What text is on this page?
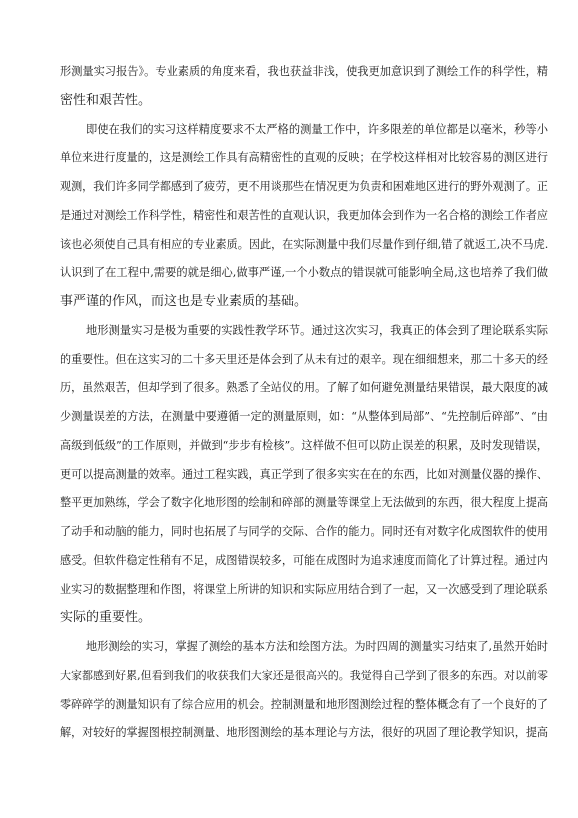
形测量实习报告》。专业素质的角度来看，我也获益非浅，使我更加意识到了测绘工作的科学性，精
密性和艰苦性。
即使在我们的实习这样精度要求不太严格的测量工作中，许多限差的单位都是以毫米，秒等小
单位来进行度量的，这是测绘工作具有高精密性的直观的反映；在学校这样相对比较容易的测区进行
观测，我们许多同学都感到了疲劳，更不用谈那些在情况更为负责和困难地区进行的野外观测了。正
是通过对测绘工作科学性，精密性和艰苦性的直观认识，我更加体会到作为一名合格的测绘工作者应
该也必须使自己具有相应的专业素质。因此，在实际测量中我们尽量作到仔细,错了就返工,决不马虎.
认识到了在工程中,需要的就是细心,做事严谨,一个小数点的错误就可能影响全局,这也培养了我们做
事严谨的作风，而这也是专业素质的基础。
地形测量实习是极为重要的实践性教学环节。通过这次实习，我真正的体会到了理论联系实际
的重要性。但在这实习的二十多天里还是体会到了从未有过的艰辛。现在细细想来，那二十多天的经
历，虽然艰苦，但却学到了很多。熟悉了全站仪的用。了解了如何避免测量结果错误，最大限度的减
少测量误差的方法，在测量中要遵循一定的测量原则，如：“从整体到局部”、“先控制后碎部”、“由
高级到低级”的工作原则，并做到“步步有检核”。这样做不但可以防止误差的积累，及时发现错误，
更可以提高测量的效率。通过工程实践，真正学到了很多实实在在的东西，比如对测量仪器的操作、
整平更加熟练，学会了数字化地形图的绘制和碎部的测量等课堂上无法做到的东西，很大程度上提高
了动手和动脑的能力，同时也拓展了与同学的交际、合作的能力。同时还有对数字化成图软件的使用
感受。但软件稳定性稍有不足，成图错误较多，可能在成图时为追求速度而简化了计算过程。通过内
业实习的数据整理和作图，将课堂上所讲的知识和实际应用结合到了一起，又一次感受到了理论联系
实际的重要性。
地形测绘的实习，掌握了测绘的基本方法和绘图方法。为时四周的测量实习结束了,虽然开始时
大家都感到好累,但看到我们的收获我们大家还是很高兴的。我觉得自己学到了很多的东西。对以前零
零碎碎学的测量知识有了综合应用的机会。控制测量和地形图测绘过程的整体概念有了一个良好的了
解，对较好的掌握图根控制测量、地形图测绘的基本理论与方法，很好的巩固了理论教学知识，提高
